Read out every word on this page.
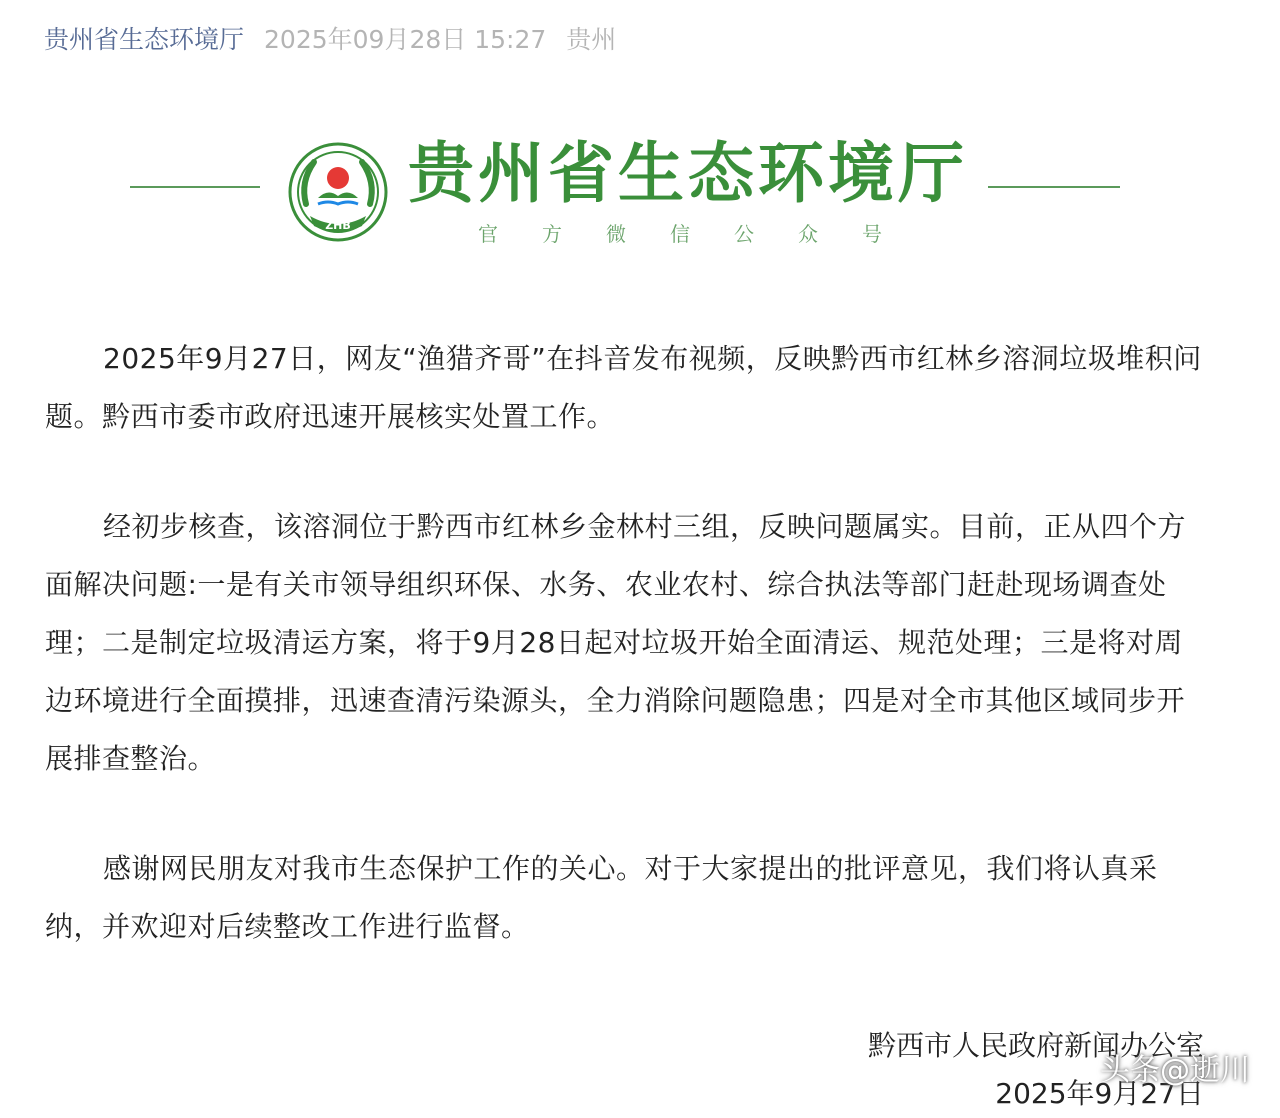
贵州省生态环境厅 2025年09月28日 15:27 贵州
ZHB
贵州省生态环境厅
官方微信公众号

2025年9月27日，网友“渔猎齐哥”在抖音发布视频，反映黔西市红林乡溶洞垃圾堆积问题。黔西市委市政府迅速开展核实处置工作。

经初步核查，该溶洞位于黔西市红林乡金林村三组，反映问题属实。目前，正从四个方面解决问题:一是有关市领导组织环保、水务、农业农村、综合执法等部门赶赴现场调查处理；二是制定垃圾清运方案，将于9月28日起对垃圾开始全面清运、规范处理；三是将对周边环境进行全面摸排，迅速查清污染源头，全力消除问题隐患；四是对全市其他区域同步开展排查整治。

感谢网民朋友对我市生态保护工作的关心。对于大家提出的批评意见，我们将认真采纳，并欢迎对后续整改工作进行监督。

黔西市人民政府新闻办公室
2025年9月27日
头条@逝川
